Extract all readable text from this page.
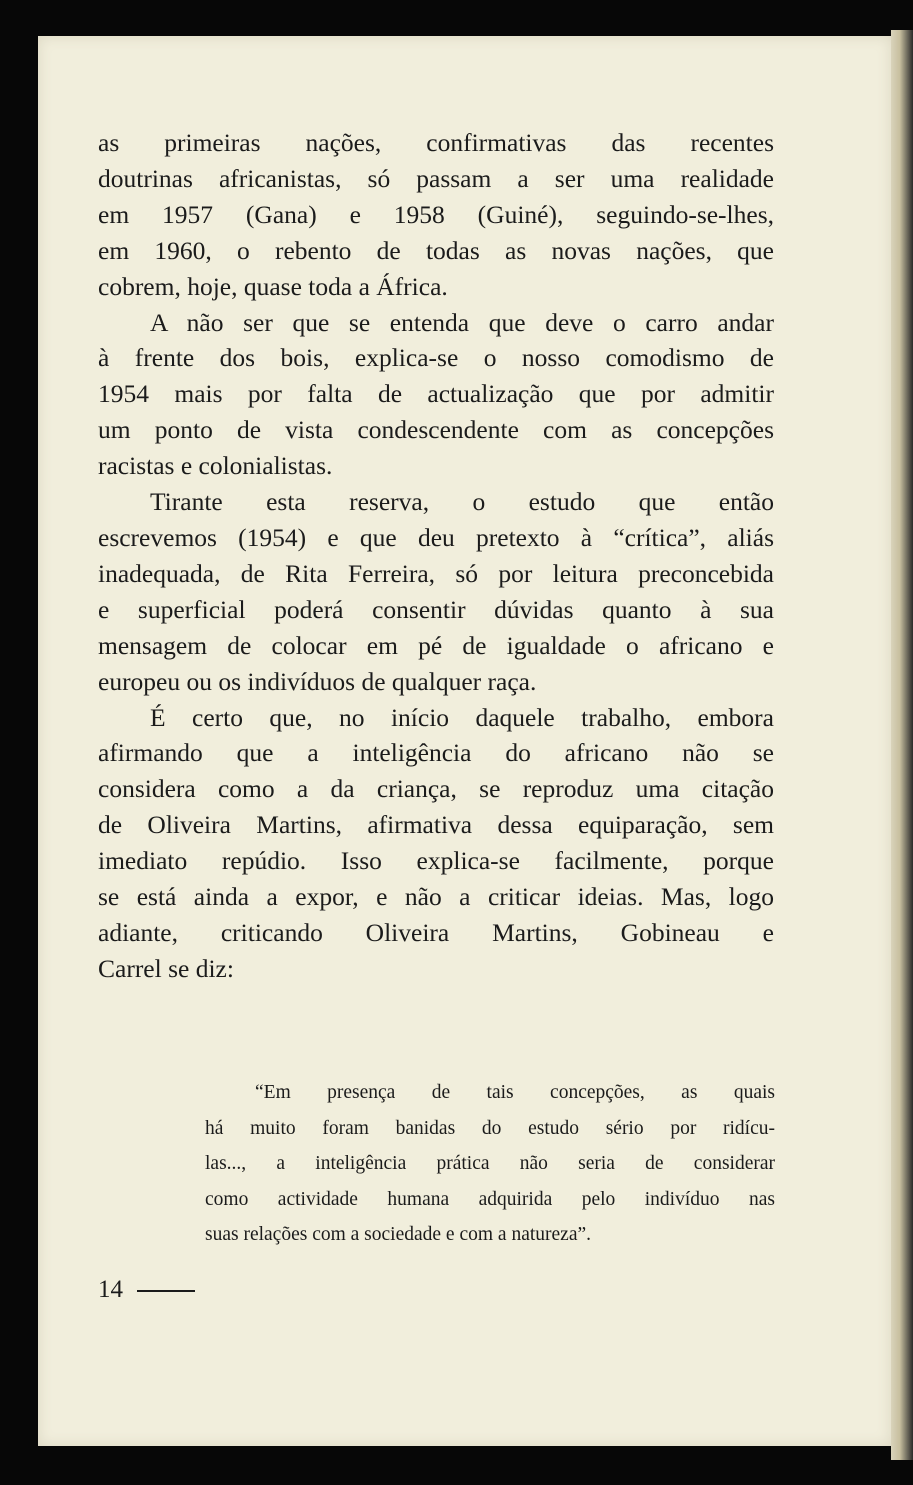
as primeiras nações, confirmativas das recentes
doutrinas africanistas, só passam a ser uma realidade
em 1957 (Gana) e 1958 (Guiné), seguindo-se-lhes,
em 1960, o rebento de todas as novas nações, que
cobrem, hoje, quase toda a África.

A não ser que se entenda que deve o carro andar
à frente dos bois, explica-se o nosso comodismo de
1954 mais por falta de actualização que por admitir
um ponto de vista condescendente com as concepções
racistas e colonialistas.

Tirante esta reserva, o estudo que então
escrevemos (1954) e que deu pretexto à “crítica”, aliás
inadequada, de Rita Ferreira, só por leitura preconcebida
e superficial poderá consentir dúvidas quanto à sua
mensagem de colocar em pé de igualdade o africano e
europeu ou os indivíduos de qualquer raça.

É certo que, no início daquele trabalho, embora
afirmando que a inteligência do africano não se
considera como a da criança, se reproduz uma citação
de Oliveira Martins, afirmativa dessa equiparação, sem
imediato repúdio. Isso explica-se facilmente, porque
se está ainda a expor, e não a criticar ideias. Mas, logo
adiante, criticando Oliveira Martins, Gobineau e
Carrel se diz:

“Em presença de tais concepções, as quais
há muito foram banidas do estudo sério por ridícu-
las..., a inteligência prática não seria de considerar
como actividade humana adquirida pelo indivíduo nas
suas relações com a sociedade e com a natureza”.
14
